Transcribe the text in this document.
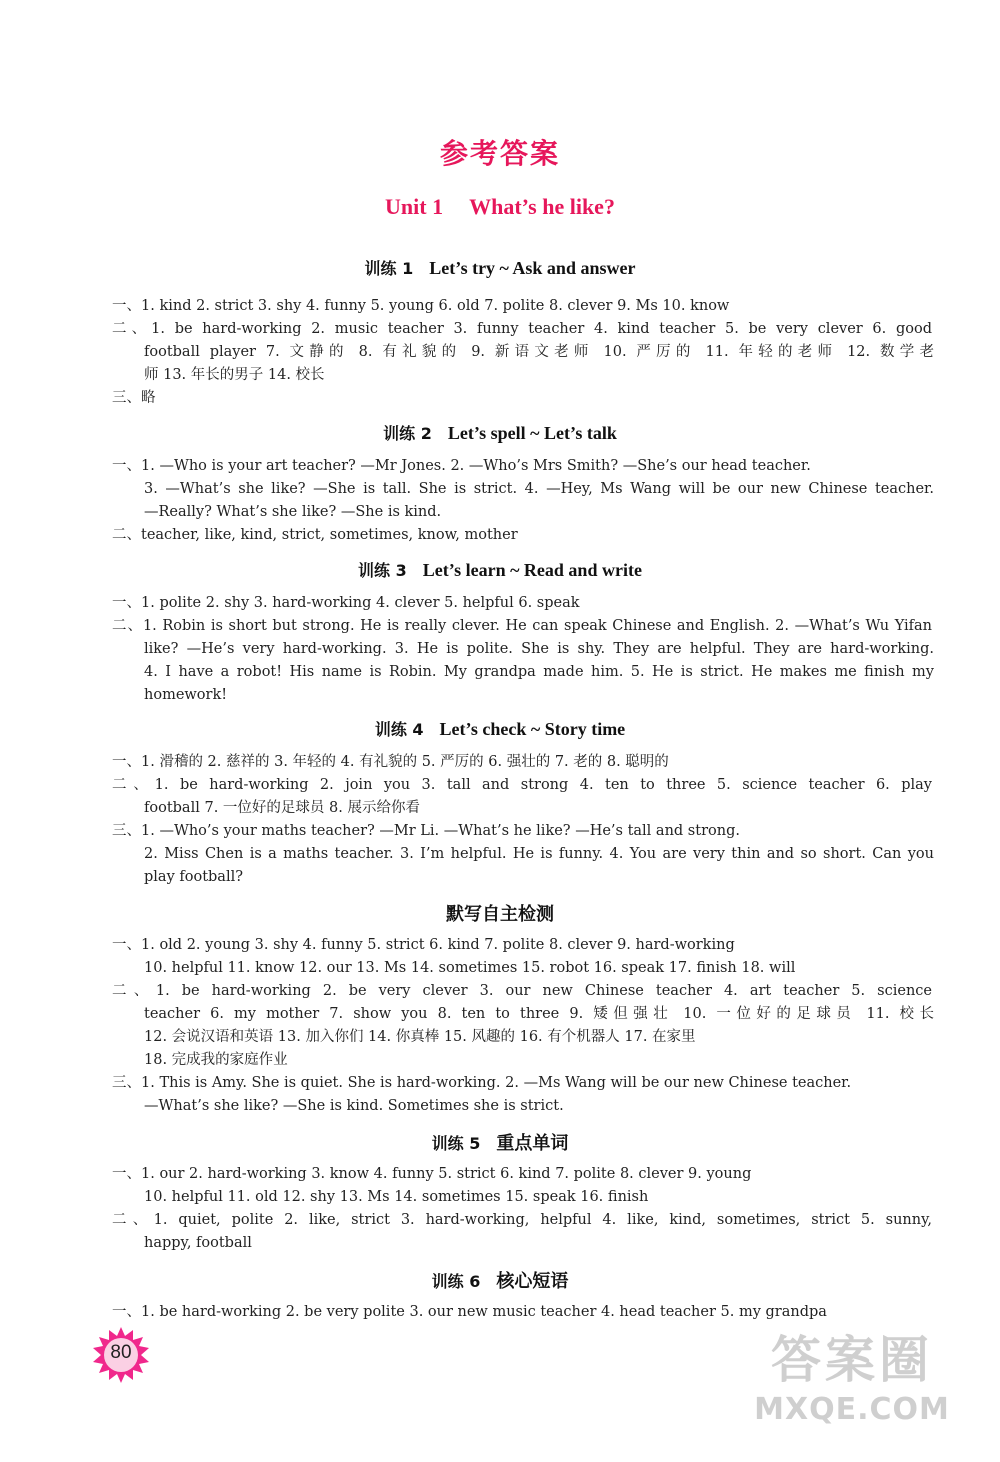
参考答案
Unit 1 What’s he like?
训练 1 Let’s try ~ Ask and answer
一、1. kind 2. strict 3. shy 4. funny 5. young 6. old 7. polite 8. clever 9. Ms 10. know
二、1. be hard-working 2. music teacher 3. funny teacher 4. kind teacher 5. be very clever 6. good
football player 7. 文静的 8. 有礼貌的 9. 新语文老师 10. 严厉的 11. 年轻的老师 12. 数学老
师 13. 年长的男子 14. 校长
三、略
训练 2 Let’s spell ~ Let’s talk
一、1. —Who is your art teacher? —Mr Jones. 2. —Who’s Mrs Smith? —She’s our head teacher.
3. —What’s she like? —She is tall. She is strict. 4. —Hey, Ms Wang will be our new Chinese teacher.
—Really? What’s she like? —She is kind.
二、teacher, like, kind, strict, sometimes, know, mother
训练 3 Let’s learn ~ Read and write
一、1. polite 2. shy 3. hard-working 4. clever 5. helpful 6. speak
二、1. Robin is short but strong. He is really clever. He can speak Chinese and English. 2. —What’s Wu Yifan
like? —He’s very hard-working. 3. He is polite. She is shy. They are helpful. They are hard-working.
4. I have a robot! His name is Robin. My grandpa made him. 5. He is strict. He makes me finish my
homework!
训练 4 Let’s check ~ Story time
一、1. 滑稽的 2. 慈祥的 3. 年轻的 4. 有礼貌的 5. 严厉的 6. 强壮的 7. 老的 8. 聪明的
二、1. be hard-working 2. join you 3. tall and strong 4. ten to three 5. science teacher 6. play
football 7. 一位好的足球员 8. 展示给你看
三、1. —Who’s your maths teacher? —Mr Li. —What’s he like? —He’s tall and strong.
2. Miss Chen is a maths teacher. 3. I’m helpful. He is funny. 4. You are very thin and so short. Can you
play football?
默写自主检测
一、1. old 2. young 3. shy 4. funny 5. strict 6. kind 7. polite 8. clever 9. hard-working
10. helpful 11. know 12. our 13. Ms 14. sometimes 15. robot 16. speak 17. finish 18. will
二、1. be hard-working 2. be very clever 3. our new Chinese teacher 4. art teacher 5. science
teacher 6. my mother 7. show you 8. ten to three 9. 矮但强壮 10. 一位好的足球员 11. 校长
12. 会说汉语和英语 13. 加入你们 14. 你真棒 15. 风趣的 16. 有个机器人 17. 在家里
18. 完成我的家庭作业
三、1. This is Amy. She is quiet. She is hard-working. 2. —Ms Wang will be our new Chinese teacher.
—What’s she like? —She is kind. Sometimes she is strict.
训练 5 重点单词
一、1. our 2. hard-working 3. know 4. funny 5. strict 6. kind 7. polite 8. clever 9. young
10. helpful 11. old 12. shy 13. Ms 14. sometimes 15. speak 16. finish
二、1. quiet, polite 2. like, strict 3. hard-working, helpful 4. like, kind, sometimes, strict 5. sunny,
happy, football
训练 6 核心短语
一、1. be hard-working 2. be very polite 3. our new music teacher 4. head teacher 5. my grandpa
80	答案圈
MXQE.COM
